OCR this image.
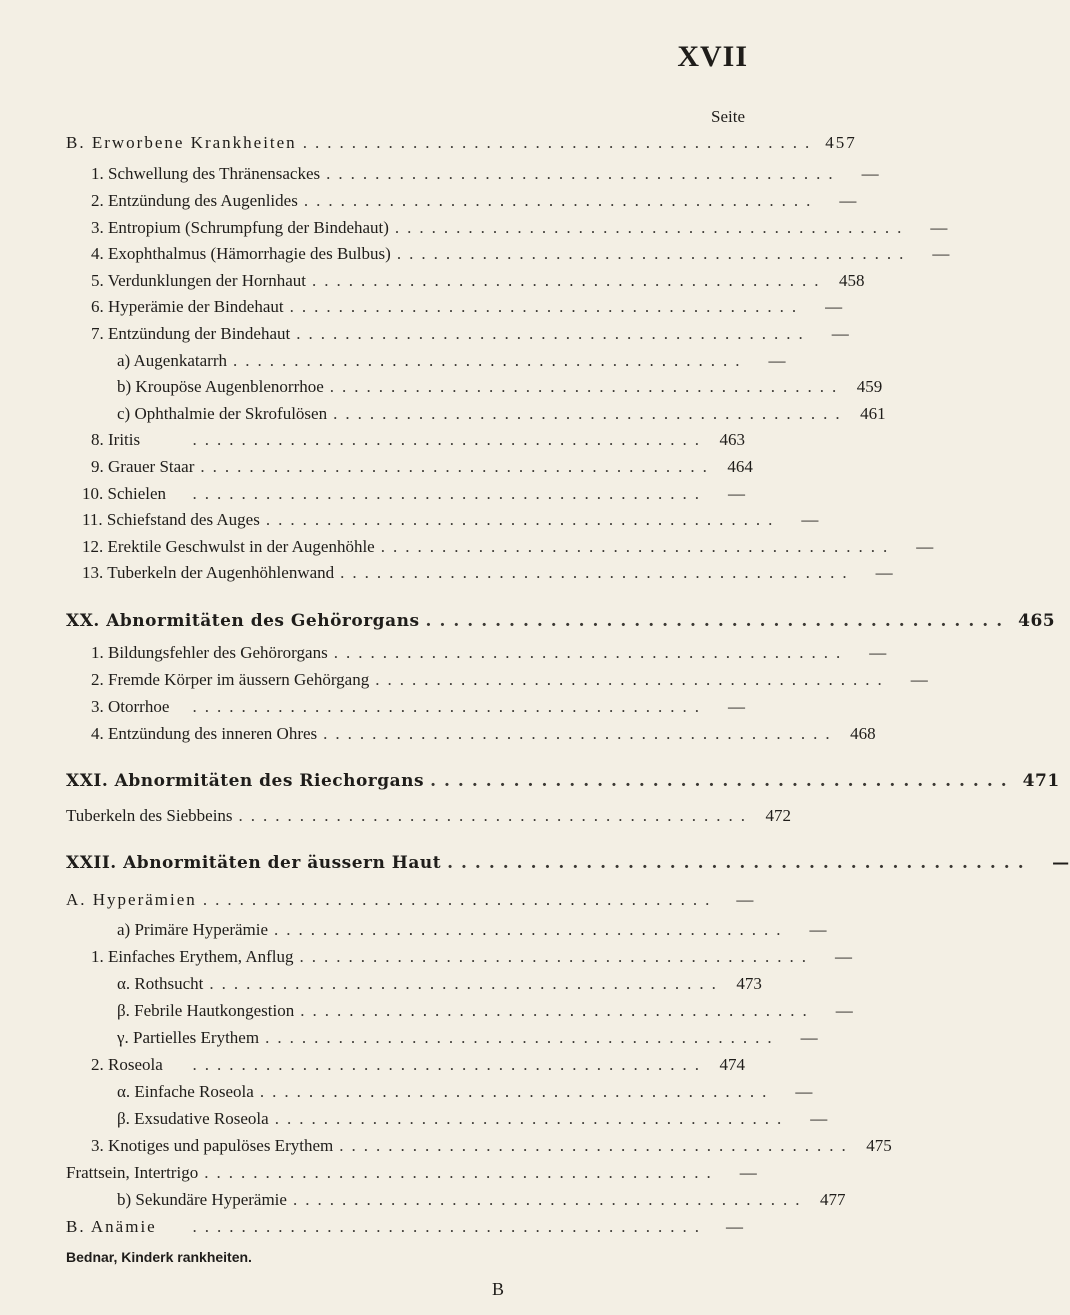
XVII
Seite
B. Erworbene Krankheiten .......................................... 457
1. Schwellung des Thränensackes ..........................................	—
2. Entzündung des Augenlides ..........................................	—
3. Entropium (Schrumpfung der Bindehaut) ..........................................	—
4. Exophthalmus (Hämorrhagie des Bulbus) ..........................................	—
5. Verdunklungen der Hornhaut .......................................... 458
6. Hyperämie der Bindehaut ..........................................	—
7. Entzündung der Bindehaut ..........................................	—
a) Augenkatarrh ..........................................	—
b) Kroupöse Augenblenorrhoe .......................................... 459
c) Ophthalmie der Skrofulösen .......................................... 461
8. Iritis	.......................................... 463
9. Grauer Staar .......................................... 464
10. Schielen	..........................................	—
11. Schiefstand des Auges ..........................................	—
12. Erektile Geschwulst in der Augenhöhle ..........................................	—
13. Tuberkeln der Augenhöhlenwand ..........................................	—
XX. Abnormitäten des Gehörorgans .......................................... 465
1. Bildungsfehler des Gehörorgans ..........................................	—
2. Fremde Körper im äussern Gehörgang ..........................................	—
3. Otorrhoe	..........................................	—
4. Entzündung des inneren Ohres .......................................... 468
XXI. Abnormitäten des Riechorgans .......................................... 471
Tuberkeln des Siebbeins .......................................... 472
XXII. Abnormitäten der äussern Haut ..........................................	—
A. Hyperämien ..........................................	—
a) Primäre Hyperämie ..........................................	—
1. Einfaches Erythem, Anflug ..........................................	—
α. Rothsucht .......................................... 473
β. Febrile Hautkongestion ..........................................	—
γ. Partielles Erythem ..........................................	—
2. Roseola	.......................................... 474
α. Einfache Roseola ..........................................	—
β. Exsudative Roseola ..........................................	—
3. Knotiges und papulöses Erythem .......................................... 475
Frattsein, Intertrigo ..........................................	—
b) Sekundäre Hyperämie .......................................... 477
B. Anämie	..........................................	—
Bednar, Kinderk rankheiten.
B
